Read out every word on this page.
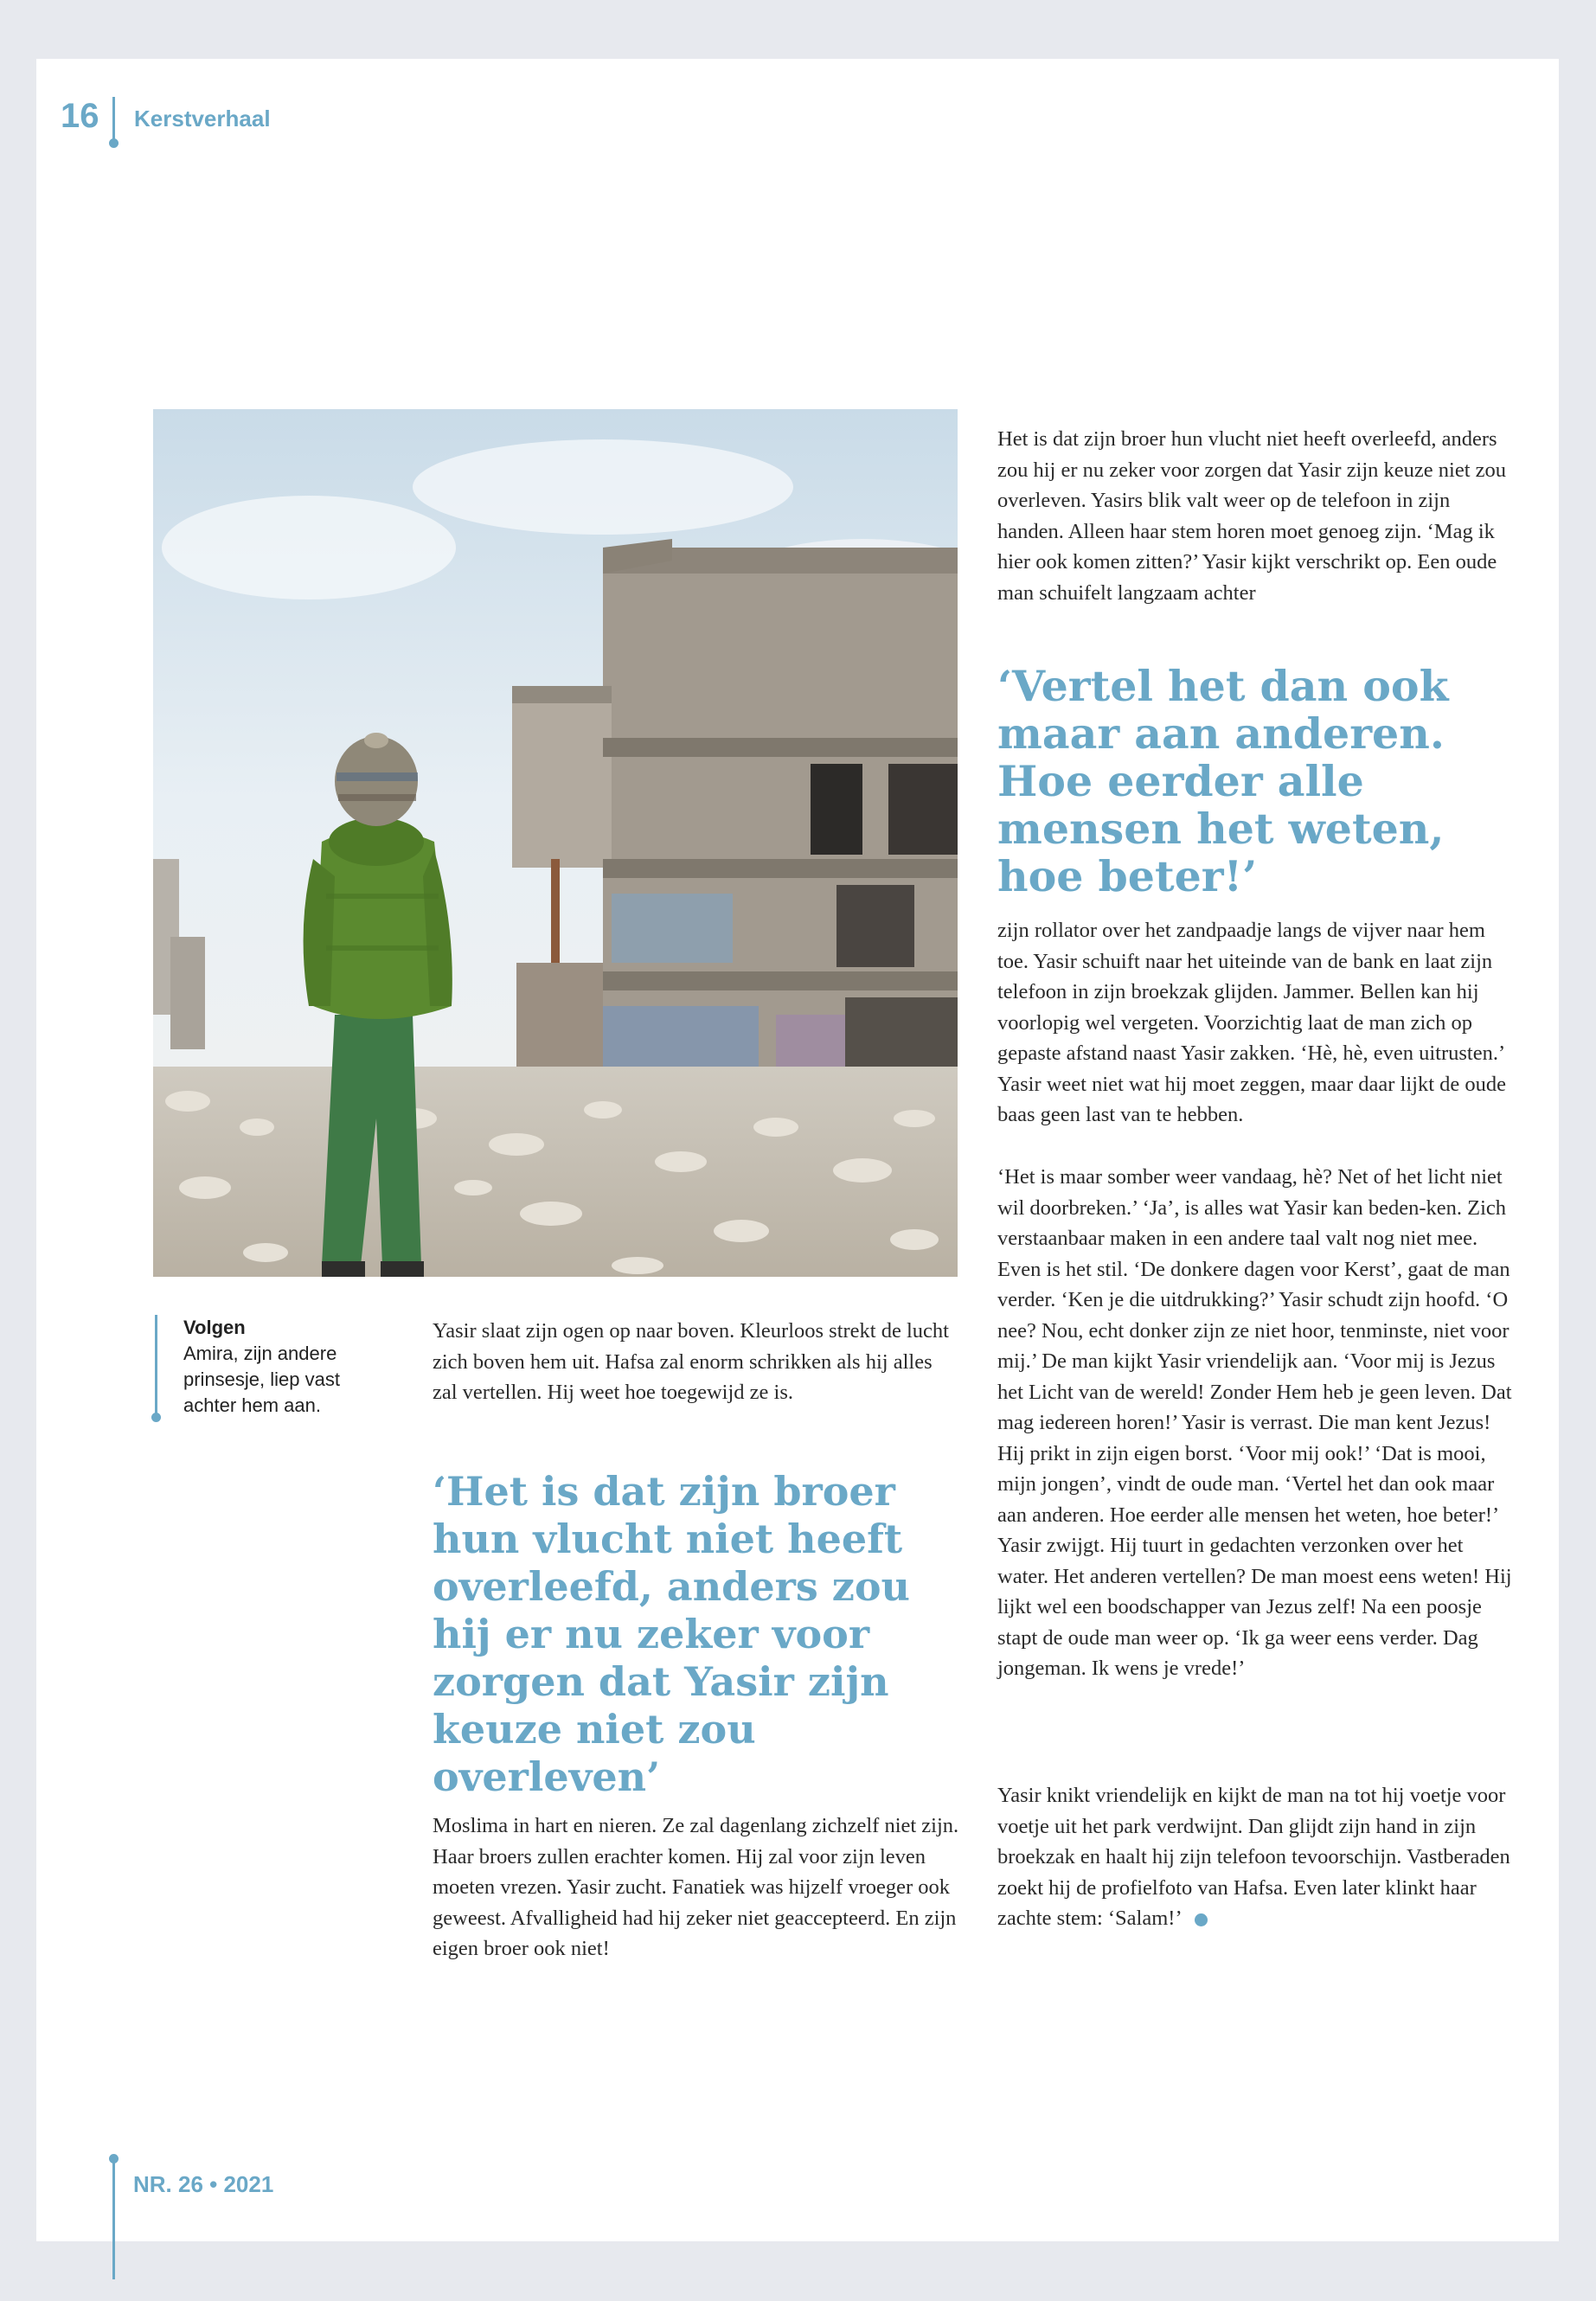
16 Kerstverhaal
Volgen
Amira, zijn andere prinsesje, liep vast achter hem aan.

Het is dat zijn broer hun vlucht niet heeft overleefd, anders zou hij er nu zeker voor zorgen dat Yasir zijn keuze niet zou overleven. Yasirs blik valt weer op de telefoon in zijn handen. Alleen haar stem horen moet genoeg zijn. ‘Mag ik hier ook komen zitten?’ Yasir kijkt verschrikt op. Een oude man schuifelt langzaam achter

‘Vertel het dan ook maar aan anderen. Hoe eerder alle mensen het weten, hoe beter!’

zijn rollator over het zandpaadje langs de vijver naar hem toe. Yasir schuift naar het uiteinde van de bank en laat zijn telefoon in zijn broekzak glijden. Jammer. Bellen kan hij voorlopig wel vergeten. Voorzichtig laat de man zich op gepaste afstand naast Yasir zakken. ‘Hè, hè, even uitrusten.’ Yasir weet niet wat hij moet zeggen, maar daar lijkt de oude baas geen last van te hebben.

‘Het is maar somber weer vandaag, hè? Net of het licht niet wil doorbreken.’ ‘Ja’, is alles wat Yasir kan beden-ken. Zich verstaanbaar maken in een andere taal valt nog niet mee. Even is het stil. ‘De donkere dagen voor Kerst’, gaat de man verder. ‘Ken je die uitdrukking?’ Yasir schudt zijn hoofd. ‘O nee? Nou, echt donker zijn ze niet hoor, tenminste, niet voor mij.’ De man kijkt Yasir vriendelijk aan. ‘Voor mij is Jezus het Licht van de wereld! Zonder Hem heb je geen leven. Dat mag iedereen horen!’ Yasir is verrast. Die man kent Jezus! Hij prikt in zijn eigen borst. ‘Voor mij ook!’ ‘Dat is mooi, mijn jongen’, vindt de oude man. ‘Vertel het dan ook maar aan anderen. Hoe eerder alle mensen het weten, hoe beter!’ Yasir zwijgt. Hij tuurt in gedachten verzonken over het water. Het anderen vertellen? De man moest eens weten! Hij lijkt wel een boodschapper van Jezus zelf! Na een poosje stapt de oude man weer op. ‘Ik ga weer eens verder. Dag jongeman. Ik wens je vrede!’

Yasir knikt vriendelijk en kijkt de man na tot hij voetje voor voetje uit het park verdwijnt. Dan glijdt zijn hand in zijn broekzak en haalt hij zijn telefoon tevoorschijn. Vastberaden zoekt hij de profielfoto van Hafsa. Even later klinkt haar zachte stem: ‘Salam!’

Yasir slaat zijn ogen op naar boven. Kleurloos strekt de lucht zich boven hem uit. Hafsa zal enorm schrikken als hij alles zal vertellen. Hij weet hoe toegewijd ze is.

‘Het is dat zijn broer hun vlucht niet heeft overleefd, anders zou hij er nu zeker voor zorgen dat Yasir zijn keuze niet zou overleven’

Moslima in hart en nieren. Ze zal dagenlang zichzelf niet zijn. Haar broers zullen erachter komen. Hij zal voor zijn leven moeten vrezen. Yasir zucht. Fanatiek was hijzelf vroeger ook geweest. Afvalligheid had hij zeker niet geaccepteerd. En zijn eigen broer ook niet!

NR. 26 • 2021
